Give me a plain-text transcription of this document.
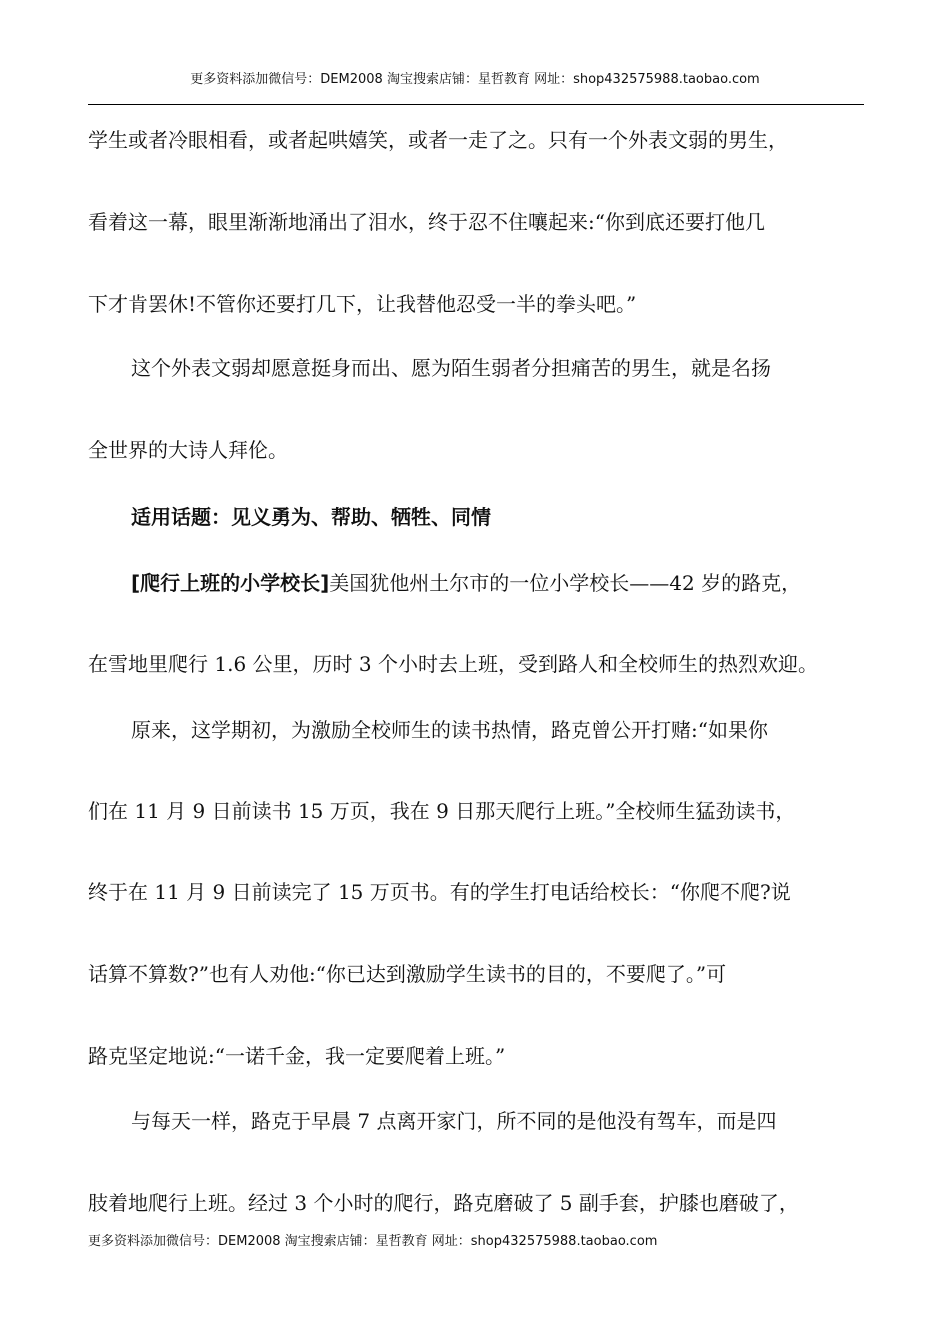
更多资料添加微信号：DEM2008 淘宝搜索店铺：星哲教育 网址：shop432575988.taobao.com
学生或者冷眼相看，或者起哄嬉笑，或者一走了之。只有一个外表文弱的男生，
看着这一幕，眼里渐渐地涌出了泪水，终于忍不住嚷起来:“你到底还要打他几
下才肯罢休!不管你还要打几下，让我替他忍受一半的拳头吧。”
这个外表文弱却愿意挺身而出、愿为陌生弱者分担痛苦的男生，就是名扬
全世界的大诗人拜伦。
适用话题：见义勇为、帮助、牺牲、同情
[爬行上班的小学校长]美国犹他州土尔市的一位小学校长——42 岁的路克，
在雪地里爬行 1.6 公里，历时 3 个小时去上班，受到路人和全校师生的热烈欢迎。
原来，这学期初，为激励全校师生的读书热情，路克曾公开打赌:“如果你
们在 11 月 9 日前读书 15 万页，我在 9 日那天爬行上班。”全校师生猛劲读书，
终于在 11 月 9 日前读完了 15 万页书。有的学生打电话给校长：“你爬不爬?说
话算不算数?”也有人劝他:“你已达到激励学生读书的目的，不要爬了。”可
路克坚定地说:“一诺千金，我一定要爬着上班。”
与每天一样，路克于早晨 7 点离开家门，所不同的是他没有驾车，而是四
肢着地爬行上班。经过 3 个小时的爬行，路克磨破了 5 副手套，护膝也磨破了，
更多资料添加微信号：DEM2008 淘宝搜索店铺：星哲教育 网址：shop432575988.taobao.com
